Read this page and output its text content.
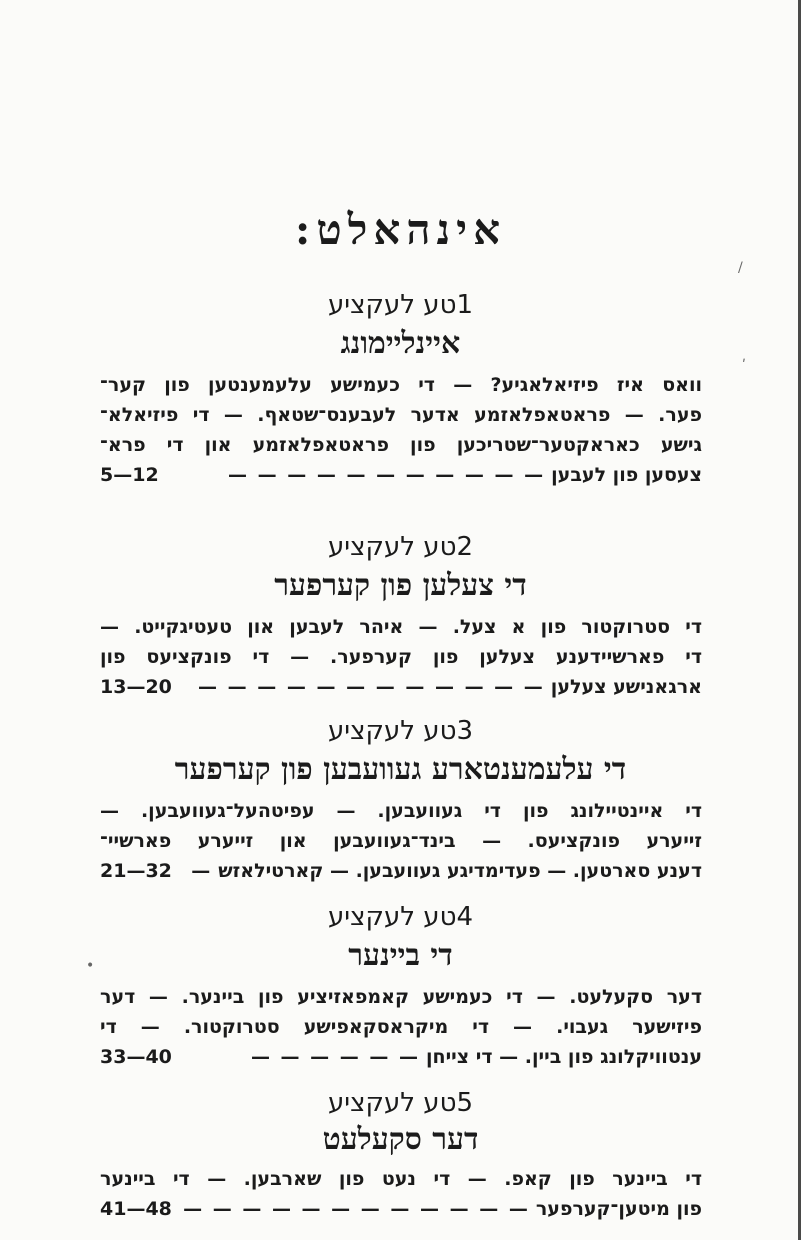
/
ʹ
•
אינהאלט:
1טע לעקציע
איינליימונג
וואס איז פיזיאלאגיע? — די כעמישע עלעמענטען פון קער־
פער. — פראטאפלאזמע אדער לעבענס־שטאף. — די פיזיאלא־
גישע כאראקטער־שטריכען פון פראטאפלאזמע און די פרא־
צעסען פון לעבען
— — — — — — — — — — —
5—12
2טע לעקציע
די צעלען פון קערפער
די סטרוקטור פון א צעל. — איהר לעבען און טעטיגקייט. —
די פארשיידענע צעלען פון קערפער. — די פונקציעס פון
ארגאנישע צעלען
— — — — — — — — — — — —
13—20
3טע לעקציע
די עלעמענטארע געוועבען פון קערפער
די איינטיילונג פון די געוועבען. — עפיטהעל־געוועבען. —
זייערע פונקציעס. — בינד־געוועבען און זייערע פארשיי־
דענע סארטען. — פעדימדיגע געוועבען. — קארטילאזש
—
21—32
4טע לעקציע
די ביינער
דער סקעלעט. — די כעמישע קאמפאזיציע פון ביינער. — דער
פיזישער געבוי. — די מיקראסקאפישע סטרוקטור. — די
ענטוויקלונג פון ביין. — די צייחן
— — — — — —
33—40
5טע לעקציע
דער סקעלעט
די ביינער פון קאפ. — די נעט פון שארבען. — די ביינער
פון מיטען־קערפער
— — — — — — — — — — — —
41—48
